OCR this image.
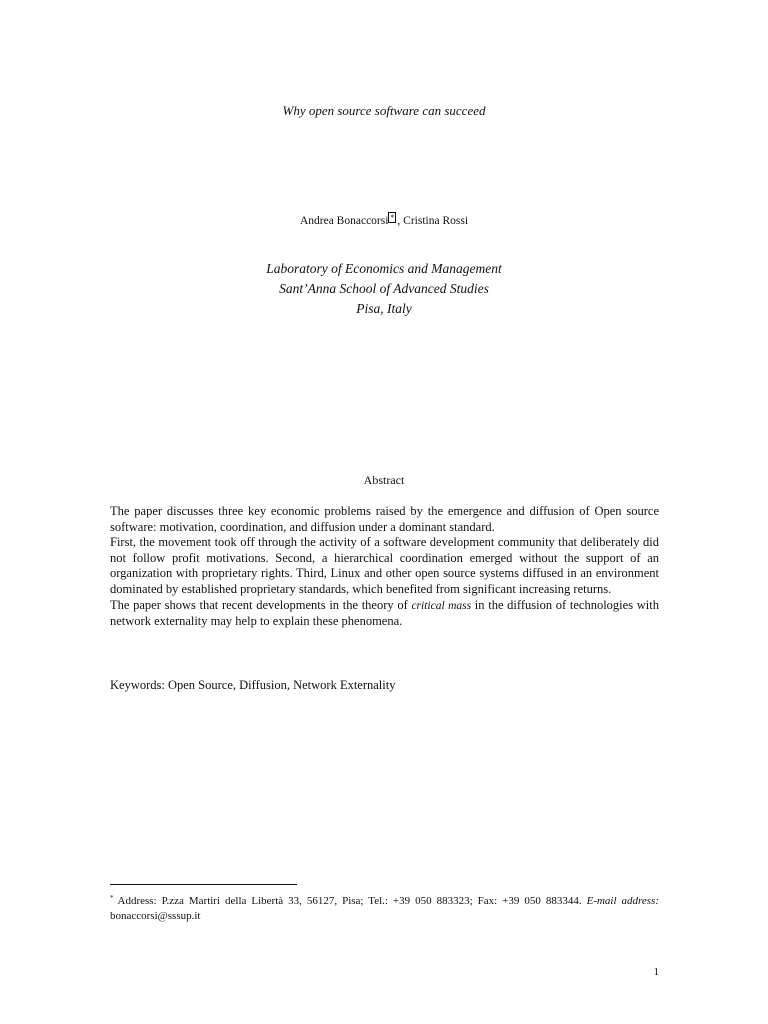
Why open source software can succeed
Andrea Bonaccorsi * , Cristina Rossi
Laboratory of Economics and Management
Sant’Anna School of Advanced Studies
Pisa, Italy
Abstract

The paper discusses three key economic problems raised by the emergence and diffusion of Open source software: motivation, coordination, and diffusion under a dominant standard.

First, the movement took off through the activity of a software development community that deliberately did not follow profit motivations. Second, a hierarchical coordination emerged without the support of an organization with proprietary rights. Third, Linux and other open source systems diffused in an environment dominated by established proprietary standards, which benefited from significant increasing returns.

The paper shows that recent developments in the theory of critical mass in the diffusion of technologies with network externality may help to explain these phenomena.

Keywords: Open Source, Diffusion, Network Externality
* Address: P.zza Martiri della Libertà 33, 56127, Pisa; Tel.: +39 050 883323; Fax: +39 050 883344. E-mail address: bonaccorsi@sssup.it
1
